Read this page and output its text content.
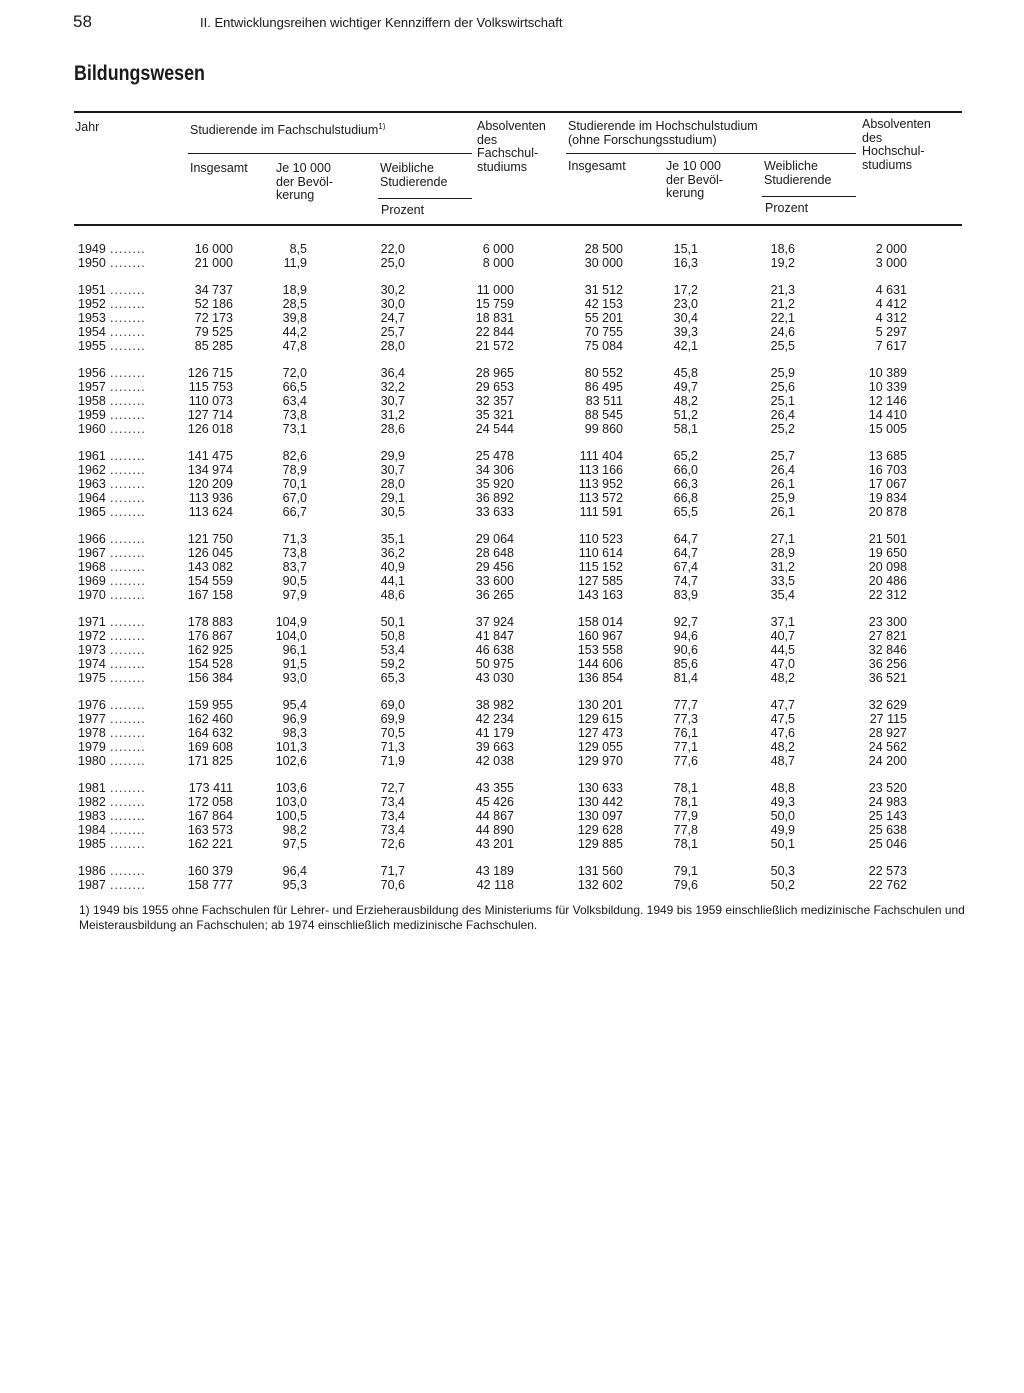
58	II. Entwicklungsreihen wichtiger Kennziffern der Volkswirtschaft
Bildungswesen
Jahr	Studierende im Fachschulstudium$^{1)}$
Insgesamt Je 10 000
der Bevöl-
kerung
Weibliche
Studierende
Prozent
Absolventen
des
Fachschul-
studiums
Studierende im Hochschulstudium
(ohne Forschungsstudium)
Insgesamt	Je 10 000
der Bevöl-
kerung
Weibliche
Studierende
Prozent
Absolventen
des
Hochschul-
studiums
1949 ........	16 000	8,5	22,0	6 000	28 500	15,1	18,6	2 000
1950 ........	21 000	11,9	25,0	8 000	30 000	16,3	19,2	3 000
1951 ........	34 737	18,9	30,2	11 000	31 512	17,2	21,3	4 631
1952 ........	52 186	28,5	30,0	15 759	42 153	23,0	21,2	4 412
1953 ........	72 173	39,8	24,7	18 831	55 201	30,4	22,1	4 312
1954 ........	79 525	44,2	25,7	22 844	70 755	39,3	24,6	5 297
1955 ........	85 285	47,8	28,0	21 572	75 084	42,1	25,5	7 617
1956 ........	126 715	72,0	36,4	28 965	80 552	45,8	25,9	10 389
1957 ........	115 753	66,5	32,2	29 653	86 495	49,7	25,6	10 339
1958 ........	110 073	63,4	30,7	32 357	83 511	48,2	25,1	12 146
1959 ........	127 714	73,8	31,2	35 321	88 545	51,2	26,4	14 410
1960 ........	126 018	73,1	28,6	24 544	99 860	58,1	25,2	15 005
1961 ........	141 475	82,6	29,9	25 478	111 404	65,2	25,7	13 685
1962 ........	134 974	78,9	30,7	34 306	113 166	66,0	26,4	16 703
1963 ........	120 209	70,1	28,0	35 920	113 952	66,3	26,1	17 067
1964 ........	113 936	67,0	29,1	36 892	113 572	66,8	25,9	19 834
1965 ........	113 624	66,7	30,5	33 633	111 591	65,5	26,1	20 878
1966 ........	121 750	71,3	35,1	29 064	110 523	64,7	27,1	21 501
1967 ........	126 045	73,8	36,2	28 648	110 614	64,7	28,9	19 650
1968 ........	143 082	83,7	40,9	29 456	115 152	67,4	31,2	20 098
1969 ........	154 559	90,5	44,1	33 600	127 585	74,7	33,5	20 486
1970 ........	167 158	97,9	48,6	36 265	143 163	83,9	35,4	22 312
1971 ........	178 883	104,9	50,1	37 924	158 014	92,7	37,1	23 300
1972 ........	176 867	104,0	50,8	41 847	160 967	94,6	40,7	27 821
1973 ........	162 925	96,1	53,4	46 638	153 558	90,6	44,5	32 846
1974 ........	154 528	91,5	59,2	50 975	144 606	85,6	47,0	36 256
1975 ........	156 384	93,0	65,3	43 030	136 854	81,4	48,2	36 521
1976 ........	159 955	95,4	69,0	38 982	130 201	77,7	47,7	32 629
1977 ........	162 460	96,9	69,9	42 234	129 615	77,3	47,5	27 115
1978 ........	164 632	98,3	70,5	41 179	127 473	76,1	47,6	28 927
1979 ........	169 608	101,3	71,3	39 663	129 055	77,1	48,2	24 562
1980 ........	171 825	102,6	71,9	42 038	129 970	77,6	48,7	24 200
1981 ........	173 411	103,6	72,7	43 355	130 633	78,1	48,8	23 520
1982 ........	172 058	103,0	73,4	45 426	130 442	78,1	49,3	24 983
1983 ........	167 864	100,5	73,4	44 867	130 097	77,9	50,0	25 143
1984 ........	163 573	98,2	73,4	44 890	129 628	77,8	49,9	25 638
1985 ........	162 221	97,5	72,6	43 201	129 885	78,1	50,1	25 046
1986 ........	160 379	96,4	71,7	43 189	131 560	79,1	50,3	22 573
1987 ........	158 777	95,3	70,6	42 118	132 602	79,6	50,2	22 762
1) 1949 bis 1955 ohne Fachschulen für Lehrer- und Erzieherausbildung des Ministeriums für Volksbildung. 1949 bis 1959 einschließlich medizinische Fachschulen und Meisterausbildung an Fachschulen; ab 1974 einschließlich medizinische Fachschulen.
